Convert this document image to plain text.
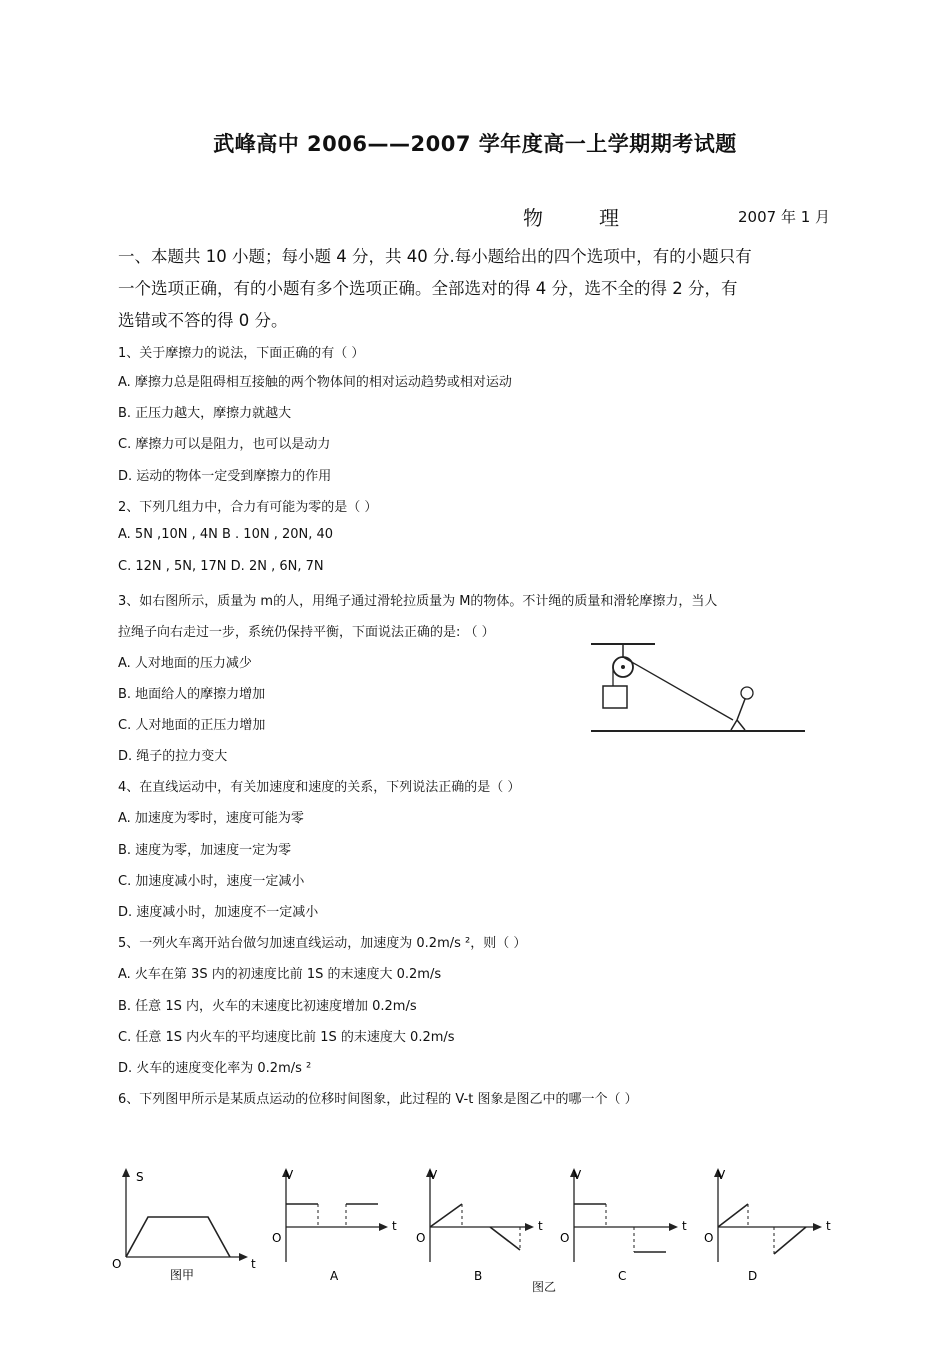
武峰高中 2006——2007 学年度高一上学期期考试题
物理	2007 年 1 月
一、本题共 10 小题；每小题 4 分，共 40 分.每小题给出的四个选项中，有的小题只有
一个选项正确，有的小题有多个选项正确。全部选对的得 4 分，选不全的得 2 分，有
选错或不答的得 0 分。
1、关于摩擦力的说法，下面正确的有（ ）
A. 摩擦力总是阻碍相互接触的两个物体间的相对运动趋势或相对运动
B. 正压力越大，摩擦力就越大
C. 摩擦力可以是阻力，也可以是动力
D. 运动的物体一定受到摩擦力的作用
2、下列几组力中，合力有可能为零的是（ ）
A. 5N ,10N , 4N B . 10N , 20N, 40
C. 12N , 5N, 17N D. 2N , 6N, 7N
3、如右图所示，质量为 m的人，用绳子通过滑轮拉质量为 M的物体。不计绳的质量和滑轮摩擦力，当人
拉绳子向右走过一步，系统仍保持平衡，下面说法正确的是: （ ）
A. 人对地面的压力减少
B. 地面给人的摩擦力增加
C. 人对地面的正压力增加
D. 绳子的拉力变大
4、在直线运动中，有关加速度和速度的关系，下列说法正确的是（ ）
A. 加速度为零时，速度可能为零
B. 速度为零，加速度一定为零
C. 加速度减小时，速度一定减小
D. 速度减小时，加速度不一定减小
5、一列火车离开站台做匀加速直线运动，加速度为 0.2m/s ²，则（ ）
A. 火车在第 3S 内的初速度比前 1S 的末速度大 0.2m/s
B. 任意 1S 内，火车的末速度比初速度增加 0.2m/s
C. 任意 1S 内火车的平均速度比前 1S 的末速度大 0.2m/s
D. 火车的速度变化率为 0.2m/s ²
6、下列图甲所示是某质点运动的位移时间图象，此过程的 V-t 图象是图乙中的哪一个（ ）
S
O	t
图甲
V
O
t
A
V
O
t
B
图乙
V
O
t
C
V
O
t
D
